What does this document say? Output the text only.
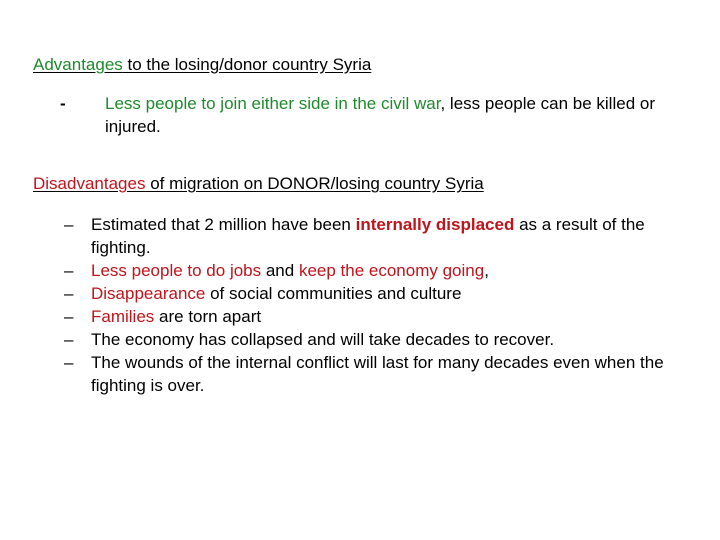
Advantages to the losing/donor country Syria
-	Less people to join either side in the civil war, less people can be killed or injured.
Disadvantages of migration on DONOR/losing country Syria
–	Estimated that 2 million have been internally displaced as a result of the fighting.
–	Less people to do jobs and keep the economy going,
–	Disappearance of social communities and culture
–	Families are torn apart
–	The economy has collapsed and will take decades to recover.
–	The wounds of the internal conflict will last for many decades even when the fighting is over.
